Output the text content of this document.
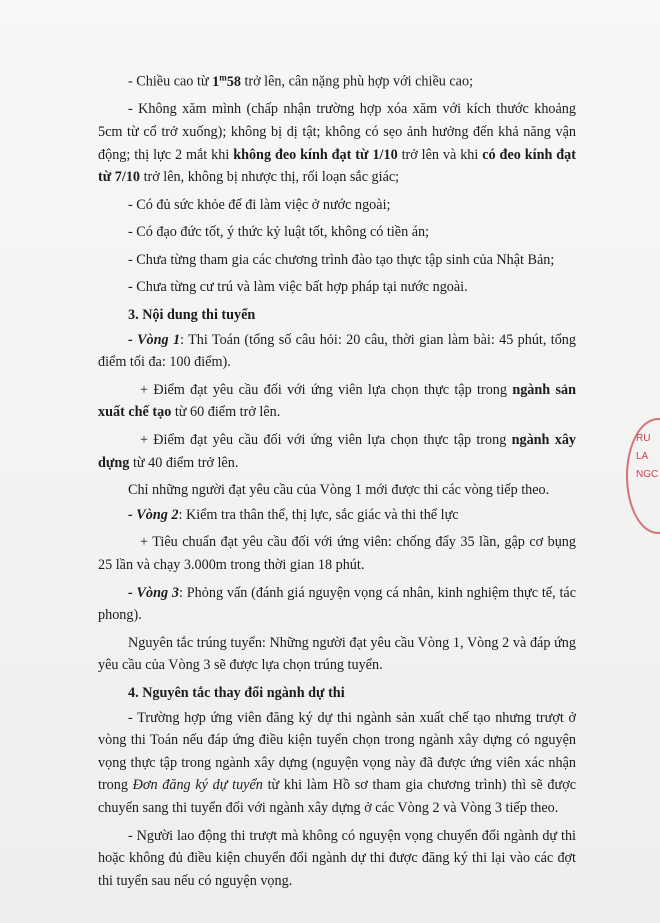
- Chiều cao từ 1$^m$58 trở lên, cân nặng phù hợp với chiều cao;

- Không xăm mình (chấp nhận trường hợp xóa xăm với kích thước khoảng 5cm từ cổ trở xuống); không bị dị tật; không có sẹo ảnh hưởng đến khả năng vận động; thị lực 2 mắt khi không đeo kính đạt từ 1/10 trở lên và khi có đeo kính đạt từ 7/10 trở lên, không bị nhược thị, rối loạn sắc giác;

- Có đủ sức khỏe để đi làm việc ở nước ngoài;

- Có đạo đức tốt, ý thức kỷ luật tốt, không có tiền án;

- Chưa từng tham gia các chương trình đào tạo thực tập sinh của Nhật Bản;

- Chưa từng cư trú và làm việc bất hợp pháp tại nước ngoài.

3. Nội dung thi tuyển

- Vòng 1: Thi Toán (tổng số câu hỏi: 20 câu, thời gian làm bài: 45 phút, tổng điểm tối đa: 100 điểm).

+ Điểm đạt yêu cầu đối với ứng viên lựa chọn thực tập trong ngành sản xuất chế tạo từ 60 điểm trở lên.

+ Điểm đạt yêu cầu đối với ứng viên lựa chọn thực tập trong ngành xây dựng từ 40 điểm trở lên.

Chỉ những người đạt yêu cầu của Vòng 1 mới được thi các vòng tiếp theo.

- Vòng 2: Kiểm tra thân thể, thị lực, sắc giác và thi thể lực

+ Tiêu chuẩn đạt yêu cầu đối với ứng viên: chống đẩy 35 lần, gập cơ bụng 25 lần và chạy 3.000m trong thời gian 18 phút.

- Vòng 3: Phỏng vấn (đánh giá nguyện vọng cá nhân, kinh nghiệm thực tế, tác phong).

Nguyên tắc trúng tuyển: Những người đạt yêu cầu Vòng 1, Vòng 2 và đáp ứng yêu cầu của Vòng 3 sẽ được lựa chọn trúng tuyển.

4. Nguyên tắc thay đổi ngành dự thi

- Trường hợp ứng viên đăng ký dự thi ngành sản xuất chế tạo nhưng trượt ở vòng thi Toán nếu đáp ứng điều kiện tuyển chọn trong ngành xây dựng có nguyện vọng thực tập trong ngành xây dựng (nguyện vọng này đã được ứng viên xác nhận trong Đơn đăng ký dự tuyển từ khi làm Hồ sơ tham gia chương trình) thì sẽ được chuyển sang thi tuyển đối với ngành xây dựng ở các Vòng 2 và Vòng 3 tiếp theo.

- Người lao động thi trượt mà không có nguyện vọng chuyển đổi ngành dự thi hoặc không đủ điều kiện chuyển đổi ngành dự thi được đăng ký thi lại vào các đợt thi tuyển sau nếu có nguyện vọng.

RU
LA
NGC
